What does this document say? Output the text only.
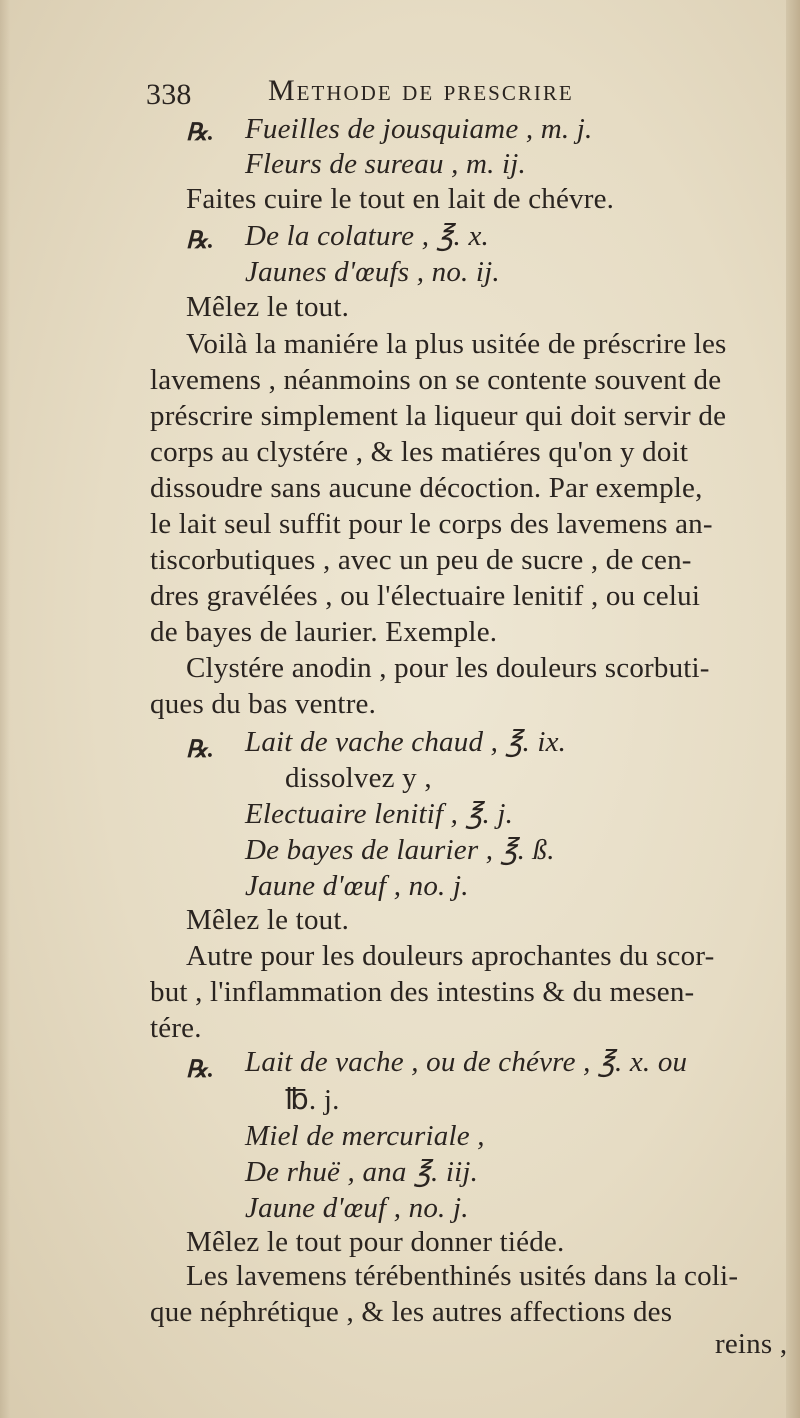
338	Methode de prescrire
℞. Fueilles de jousquiame , m. j.
Fleurs de sureau , m. ij.
Faites cuire le tout en lait de chévre.
℞. De la colature , ℥. x.
Jaunes d'œufs , no. ij.
Mêlez le tout.
Voilà la maniére la plus usitée de préscrire les
lavemens , néanmoins on se contente souvent de
préscrire simplement la liqueur qui doit servir de
corps au clystére , & les matiéres qu'on y doit
dissoudre sans aucune décoction. Par exemple,
le lait seul suffit pour le corps des lavemens an-
tiscorbutiques , avec un peu de sucre , de cen-
dres gravélées , ou l'électuaire lenitif , ou celui
de bayes de laurier. Exemple.
Clystére anodin , pour les douleurs scorbuti-
ques du bas ventre.
℞. Lait de vache chaud , ℥. ix.
dissolvez y ,
Electuaire lenitif , ℥. j.
De bayes de laurier , ℥. ß.
Jaune d'œuf , no. j.
Mêlez le tout.
Autre pour les douleurs aprochantes du scor-
but , l'inflammation des intestins & du mesen-
tére.
℞. Lait de vache , ou de chévre , ℥. x. ou
℔. j.
Miel de mercuriale ,
De rhuë , ana ℥. iij.
Jaune d'œuf , no. j.
Mêlez le tout pour donner tiéde.
Les lavemens térébenthinés usités dans la coli-
que néphrétique , & les autres affections des
reins ,
